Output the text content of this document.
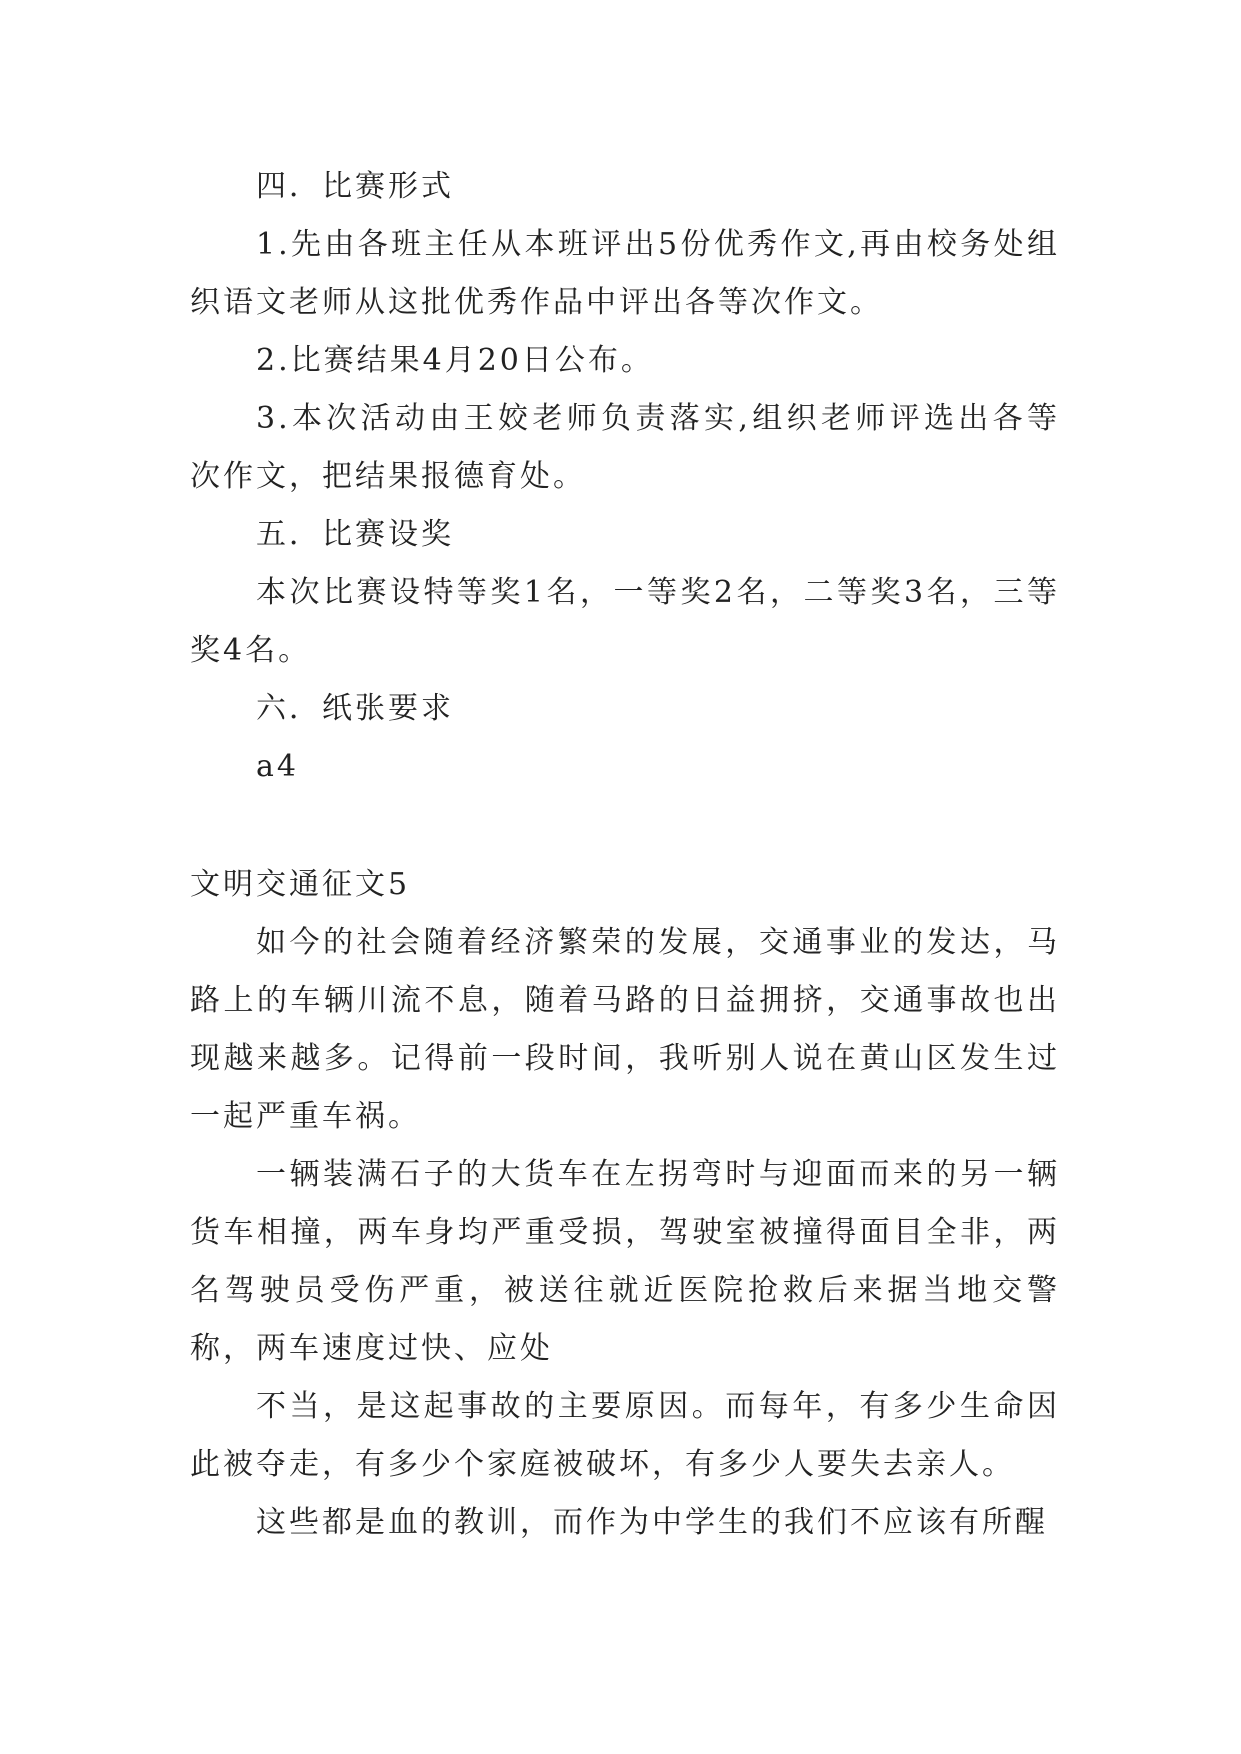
四．比赛形式

1.先由各班主任从本班评出5份优秀作文,再由校务处组织语文老师从这批优秀作品中评出各等次作文。

2.比赛结果4月20日公布。

3.本次活动由王姣老师负责落实,组织老师评选出各等次作文，把结果报德育处。

五．比赛设奖

本次比赛设特等奖1名，一等奖2名，二等奖3名，三等奖4名。

六．纸张要求

a4

文明交通征文5

如今的社会随着经济繁荣的发展，交通事业的发达，马路上的车辆川流不息，随着马路的日益拥挤，交通事故也出现越来越多。记得前一段时间，我听别人说在黄山区发生过一起严重车祸。

一辆装满石子的大货车在左拐弯时与迎面而来的另一辆货车相撞，两车身均严重受损，驾驶室被撞得面目全非，两名驾驶员受伤严重，被送往就近医院抢救后来据当地交警称，两车速度过快、应处

不当，是这起事故的主要原因。而每年，有多少生命因此被夺走，有多少个家庭被破坏，有多少人要失去亲人。

这些都是血的教训，而作为中学生的我们不应该有所醒
